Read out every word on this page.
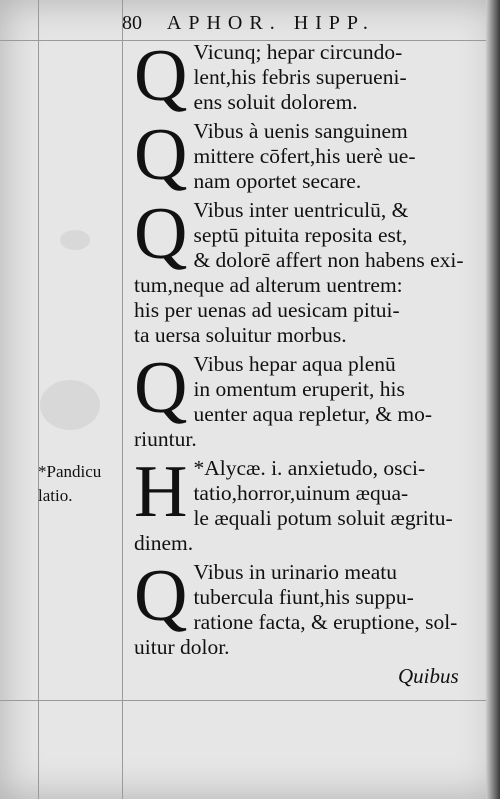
80 APHOR. HIPP.
Q Vicunq; hepar circundo-
lent,his febris superueni-
ens soluit dolorem.
Q Vibus à uenis sanguinem
mittere cōfert,his uerè ue-
nam oportet secare.
Q Vibus inter uentriculū, &
septū pituita reposita est,
& dolorē affert non habens exi-
tum,neque ad alterum uentrem:
his per uenas ad uesicam pitui-
ta uersa soluitur morbus.
Q Vibus hepar aqua plenū
in omentum eruperit, his
uenter aqua repletur, & mo-
riuntur.
H *Alycæ. i. anxietudo, osci-
tatio,horror,uinum æqua-
le æquali potum soluit ægritu-
dinem.
Q Vibus in urinario meatu
tubercula fiunt,his suppu-
ratione facta, & eruptione, sol-
uitur dolor.
*Pandicu
latio.
Quibus
